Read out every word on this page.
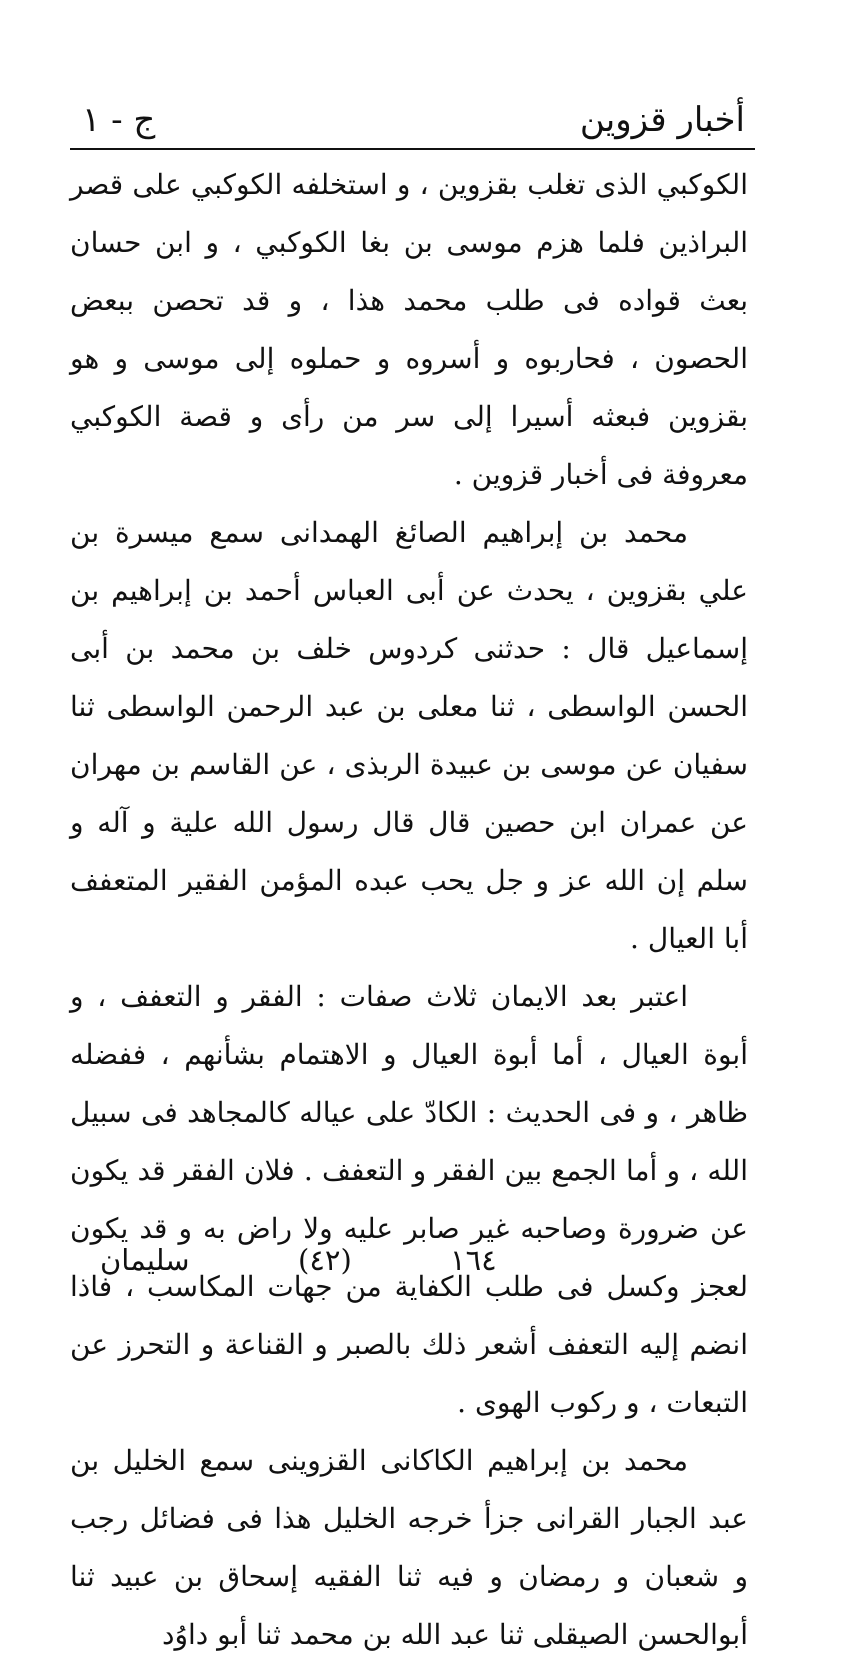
أخبار قزوين
ج - ١

الكوكبي الذى تغلب بقزوين ، و استخلفه الكوكبي على قصر البراذين فلما هزم موسى بن بغا الكوكبي ، و ابن حسان بعث قواده فى طلب محمد هذا ، و قد تحصن ببعض الحصون ، فحاربوه و أسروه و حملوه إلى موسى و هو بقزوين فبعثه أسيرا إلى سر من رأى و قصة الكوكبي معروفة فى أخبار قزوين .

محمد بن إبراهيم الصائغ الهمدانى سمع ميسرة بن علي بقزوين ، يحدث عن أبى العباس أحمد بن إبراهيم بن إسماعيل قال : حدثنى كردوس خلف بن محمد بن أبى الحسن الواسطى ، ثنا معلى بن عبد الرحمن الواسطى ثنا سفيان عن موسى بن عبيدة الربذى ، عن القاسم بن مهران عن عمران ابن حصين قال قال رسول الله علية و آله و سلم إن الله عز و جل يحب عبده المؤمن الفقير المتعفف أبا العيال .

اعتبر بعد الايمان ثلاث صفات : الفقر و التعفف ، و أبوة العيال ، أما أبوة العيال و الاهتمام بشأنهم ، ففضله ظاهر ، و فى الحديث : الكادّ على عياله كالمجاهد فى سبيل الله ، و أما الجمع بين الفقر و التعفف . فلان الفقر قد يكون عن ضرورة وصاحبه غير صابر عليه ولا راض به و قد يكون لعجز وكسل فى طلب الكفاية من جهات المكاسب ، فاذا انضم إليه التعفف أشعر ذلك بالصبر و القناعة و التحرز عن التبعات ، و ركوب الهوى .

محمد بن إبراهيم الكاكانى القزوينى سمع الخليل بن عبد الجبار القرانى جزأ خرجه الخليل هذا فى فضائل رجب و شعبان و رمضان و فيه ثنا الفقيه إسحاق بن عبيد ثنا أبوالحسن الصيقلى ثنا عبد الله بن محمد ثنا أبو داوُد

سليمان	(٤٢)	١٦٤
